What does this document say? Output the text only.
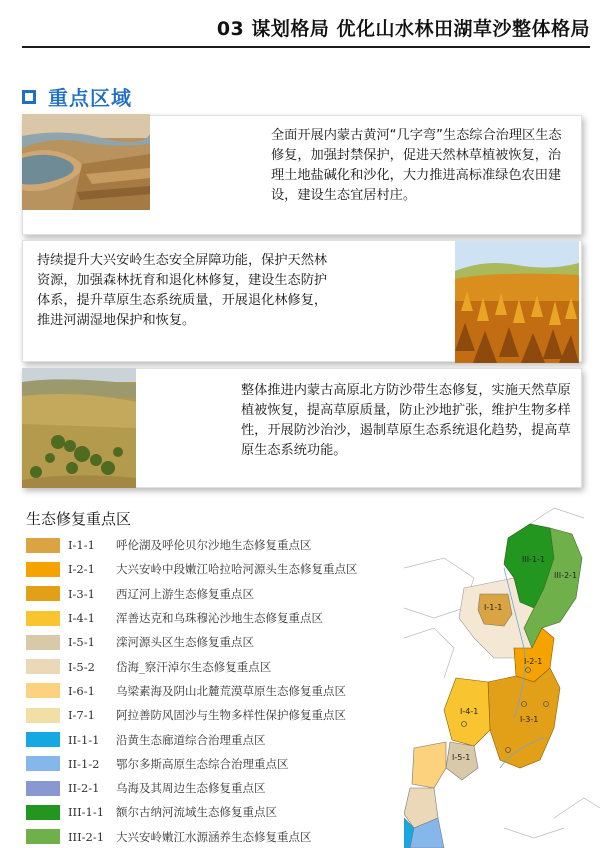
03 谋划格局 优化山水林田湖草沙整体格局
重点区域

全面开展内蒙古黄河“几字弯”生态综合治理区生态修复，加强封禁保护，促进天然林草植被恢复，治理土地盐碱化和沙化，大力推进高标准绿色农田建设，建设生态宜居村庄。

持续提升大兴安岭生态安全屏障功能，保护天然林资源，加强森林抚育和退化林修复，建设生态防护体系，提升草原生态系统质量，开展退化林修复，推进河湖湿地保护和恢复。

整体推进内蒙古高原北方防沙带生态修复，实施天然草原植被恢复，提高草原质量，防止沙地扩张，维护生物多样性，开展防沙治沙，遏制草原生态系统退化趋势，提高草原生态系统功能。

生态修复重点区
I-1-1	呼伦湖及呼伦贝尔沙地生态修复重点区
I-2-1	大兴安岭中段嫩江哈拉哈河源头生态修复重点区
I-3-1	西辽河上游生态修复重点区
I-4-1	浑善达克和乌珠穆沁沙地生态修复重点区
I-5-1	滦河源头区生态修复重点区
I-5-2	岱海_察汗淖尔生态修复重点区
I-6-1	乌梁素海及阴山北麓荒漠草原生态修复重点区
I-7-1	阿拉善防风固沙与生物多样性保护修复重点区
II-1-1	沿黄生态廊道综合治理重点区
II-1-2	鄂尔多斯高原生态综合治理重点区
II-2-1	乌海及其周边生态修复重点区
III-1-1	额尔古纳河流域生态修复重点区
III-2-1	大兴安岭嫩江水源涵养生态修复重点区
III-1-1
III-2-1
I-1-1
I-2-1
I-4-1
I-3-1
I-5-1
